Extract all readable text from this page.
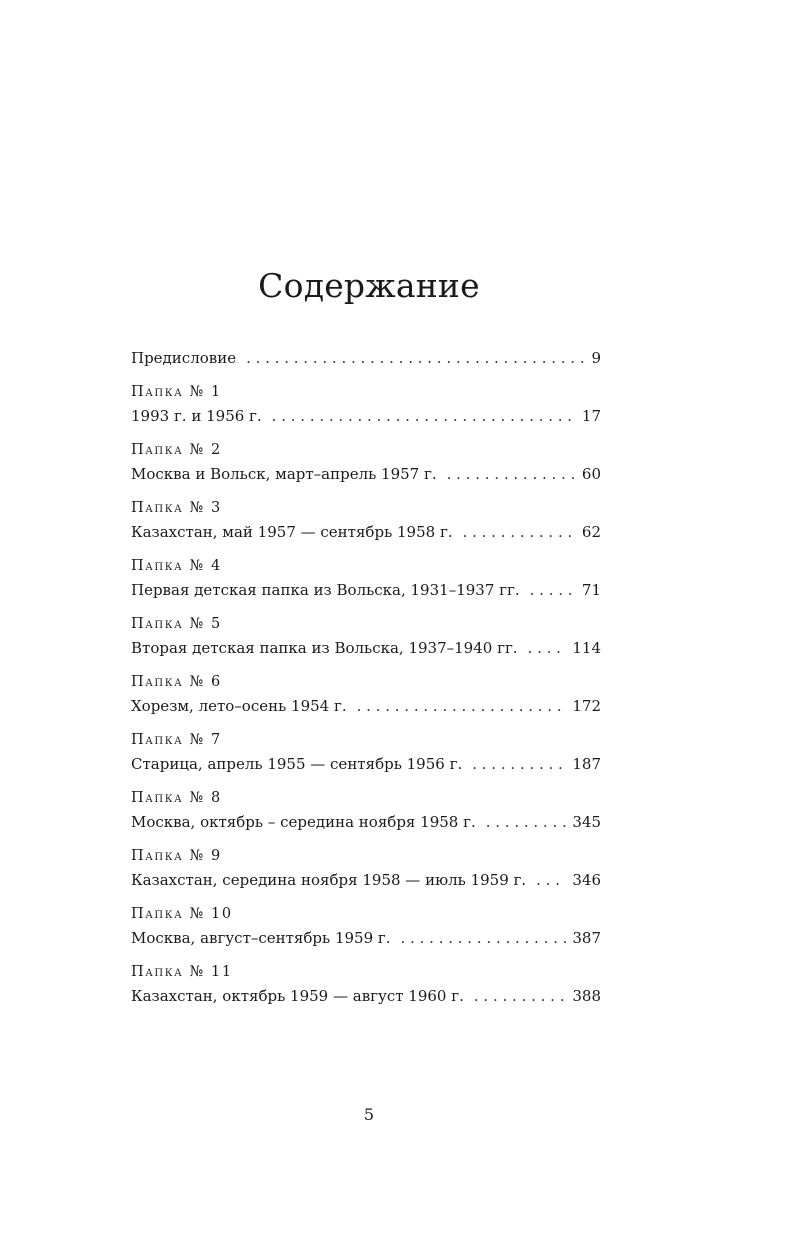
Содержание
Предисловие . . .	9
Папка № 1
1993 г. и 1956 г. . . .	17
Папка № 2
Москва и Вольск, март–апрель 1957 г. . . .	60
Папка № 3
Казахстан, май 1957 — сентябрь 1958 г. . . .	62
Папка № 4
Первая детская папка из Вольска, 1931–1937 гг. . . .	71
Папка № 5
Вторая детская папка из Вольска, 1937–1940 гг. . . .	114
Папка № 6
Хорезм, лето–осень 1954 г. . . .	172
Папка № 7
Старица, апрель 1955 — сентябрь 1956 г. . . .	187
Папка № 8
Москва, октябрь – середина ноября 1958 г. . . .	345
Папка № 9
Казахстан, середина ноября 1958 — июль 1959 г. . . .	346
Папка № 10
Москва, август–сентябрь 1959 г. . . .	387
Папка № 11
Казахстан, октябрь 1959 — август 1960 г. . . .	388
5
